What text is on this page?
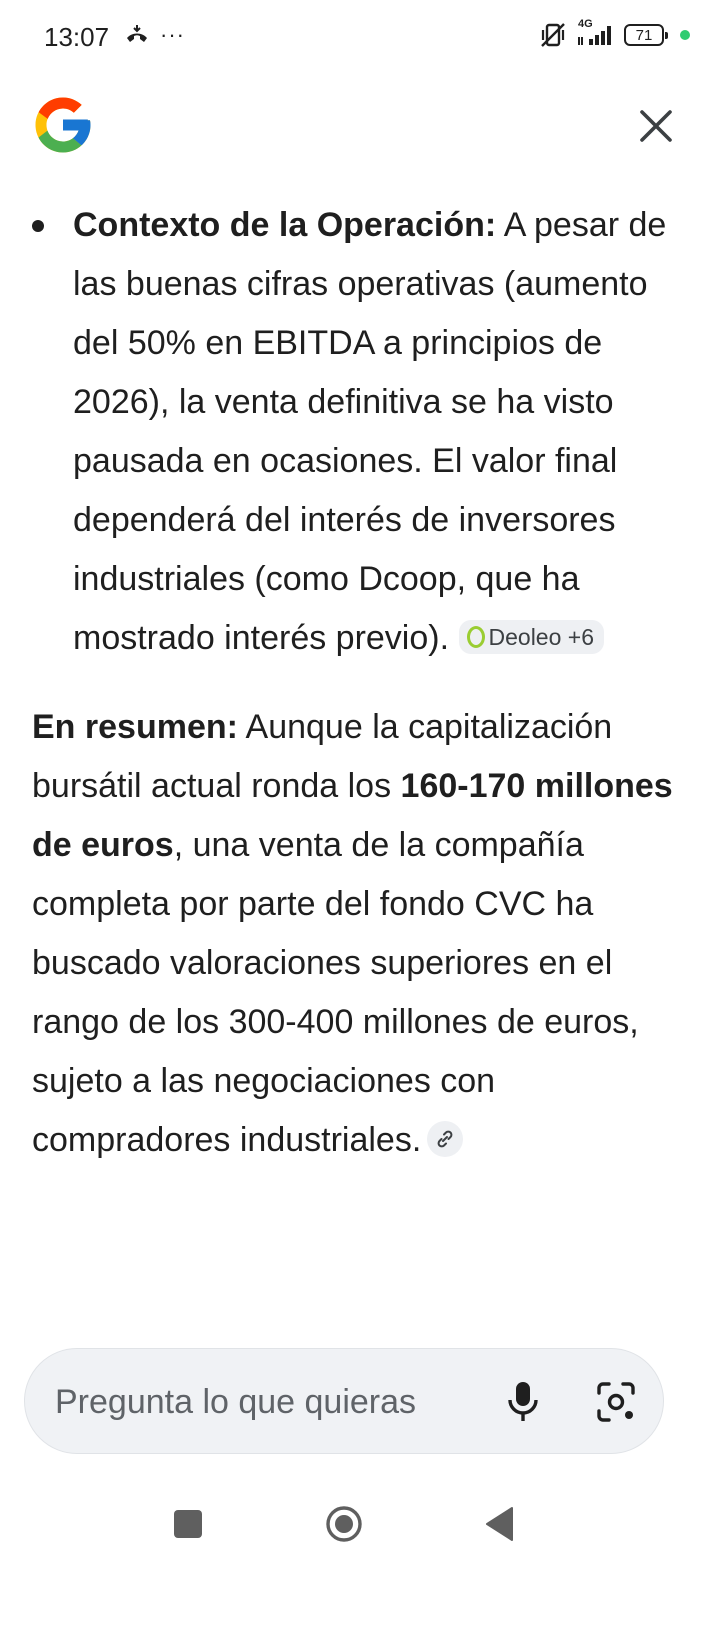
13:07 ···	4G
71
Contexto de la Operación: A pesar de las buenas cifras operativas (aumento del 50% en EBITDA a principios de 2026), la venta definitiva se ha visto pausada en ocasiones. El valor final dependerá del interés de inversores industriales (como Dcoop, que ha mostrado interés previo). Deoleo +6
En resumen: Aunque la capitalización bursátil actual ronda los 160-170 millones de euros, una venta de la compañía completa por parte del fondo CVC ha buscado valoraciones superiores en el rango de los 300-400 millones de euros, sujeto a las negociaciones con compradores industriales.
Pregunta lo que quieras
